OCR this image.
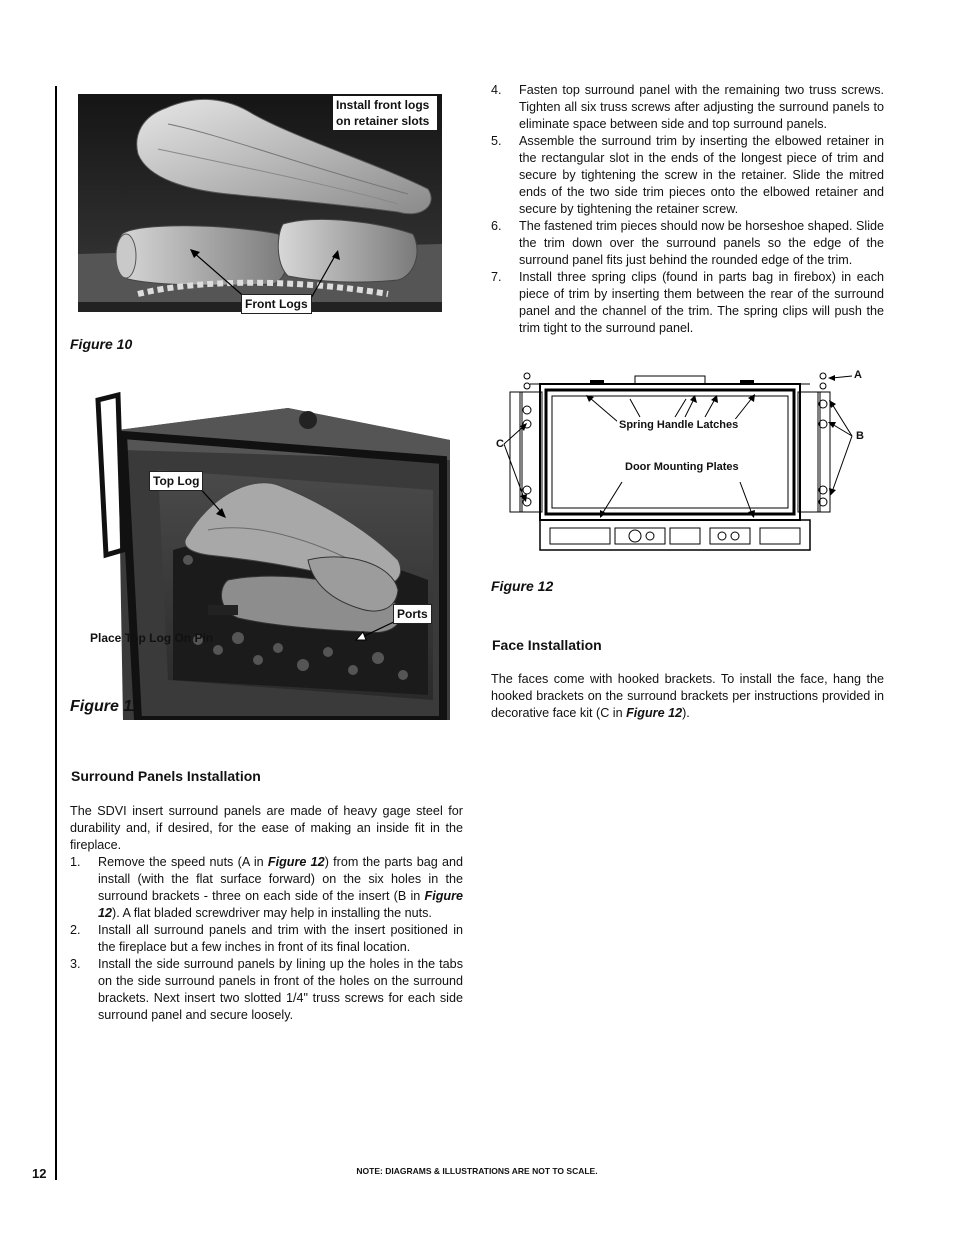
Install front logs on retainer slots
Front Logs
Figure 10
Top Log
Ports
Place Top Log On Pin
Figure 11
Surround Panels Installation

The SDVI insert surround panels are made of heavy gage steel for durability and, if desired, for the ease of making an inside fit in the fireplace.

1. Remove the speed nuts (A in Figure 12) from the parts bag and install (with the flat surface forward) on the six holes in the surround brackets - three on each side of the insert (B in Figure 12). A flat bladed screwdriver may help in installing the nuts.
2. Install all surround panels and trim with the insert positioned in the fireplace but a few inches in front of its final location.
3. Install the side surround panels by lining up the holes in the tabs on the side surround panels in front of the holes on the surround brackets. Next insert two slotted 1/4" truss screws for each side surround panel and secure loosely.
4. Fasten top surround panel with the remaining two truss screws. Tighten all six truss screws after adjusting the surround panels to eliminate space between side and top surround panels.
5. Assemble the surround trim by inserting the elbowed retainer in the rectangular slot in the ends of the longest piece of trim and secure by tightening the screw in the retainer. Slide the mitred ends of the two side trim pieces onto the elbowed retainer and secure by tightening the retainer screw.
6. The fastened trim pieces should now be horseshoe shaped. Slide the trim down over the surround panels so the edge of the surround panel fits just behind the rounded edge of the trim.
7. Install three spring clips (found in parts bag in firebox) in each piece of trim by inserting them between the rear of the surround panel and the channel of the trim. The spring clips will push the trim tight to the surround panel.
A
B
C
Spring Handle Latches
Door Mounting Plates
Figure 12
Face Installation

The faces come with hooked brackets. To install the face, hang the hooked brackets on the surround brackets per instructions provided in decorative face kit (C in Figure 12).

12	NOTE: DIAGRAMS & ILLUSTRATIONS ARE NOT TO SCALE.
